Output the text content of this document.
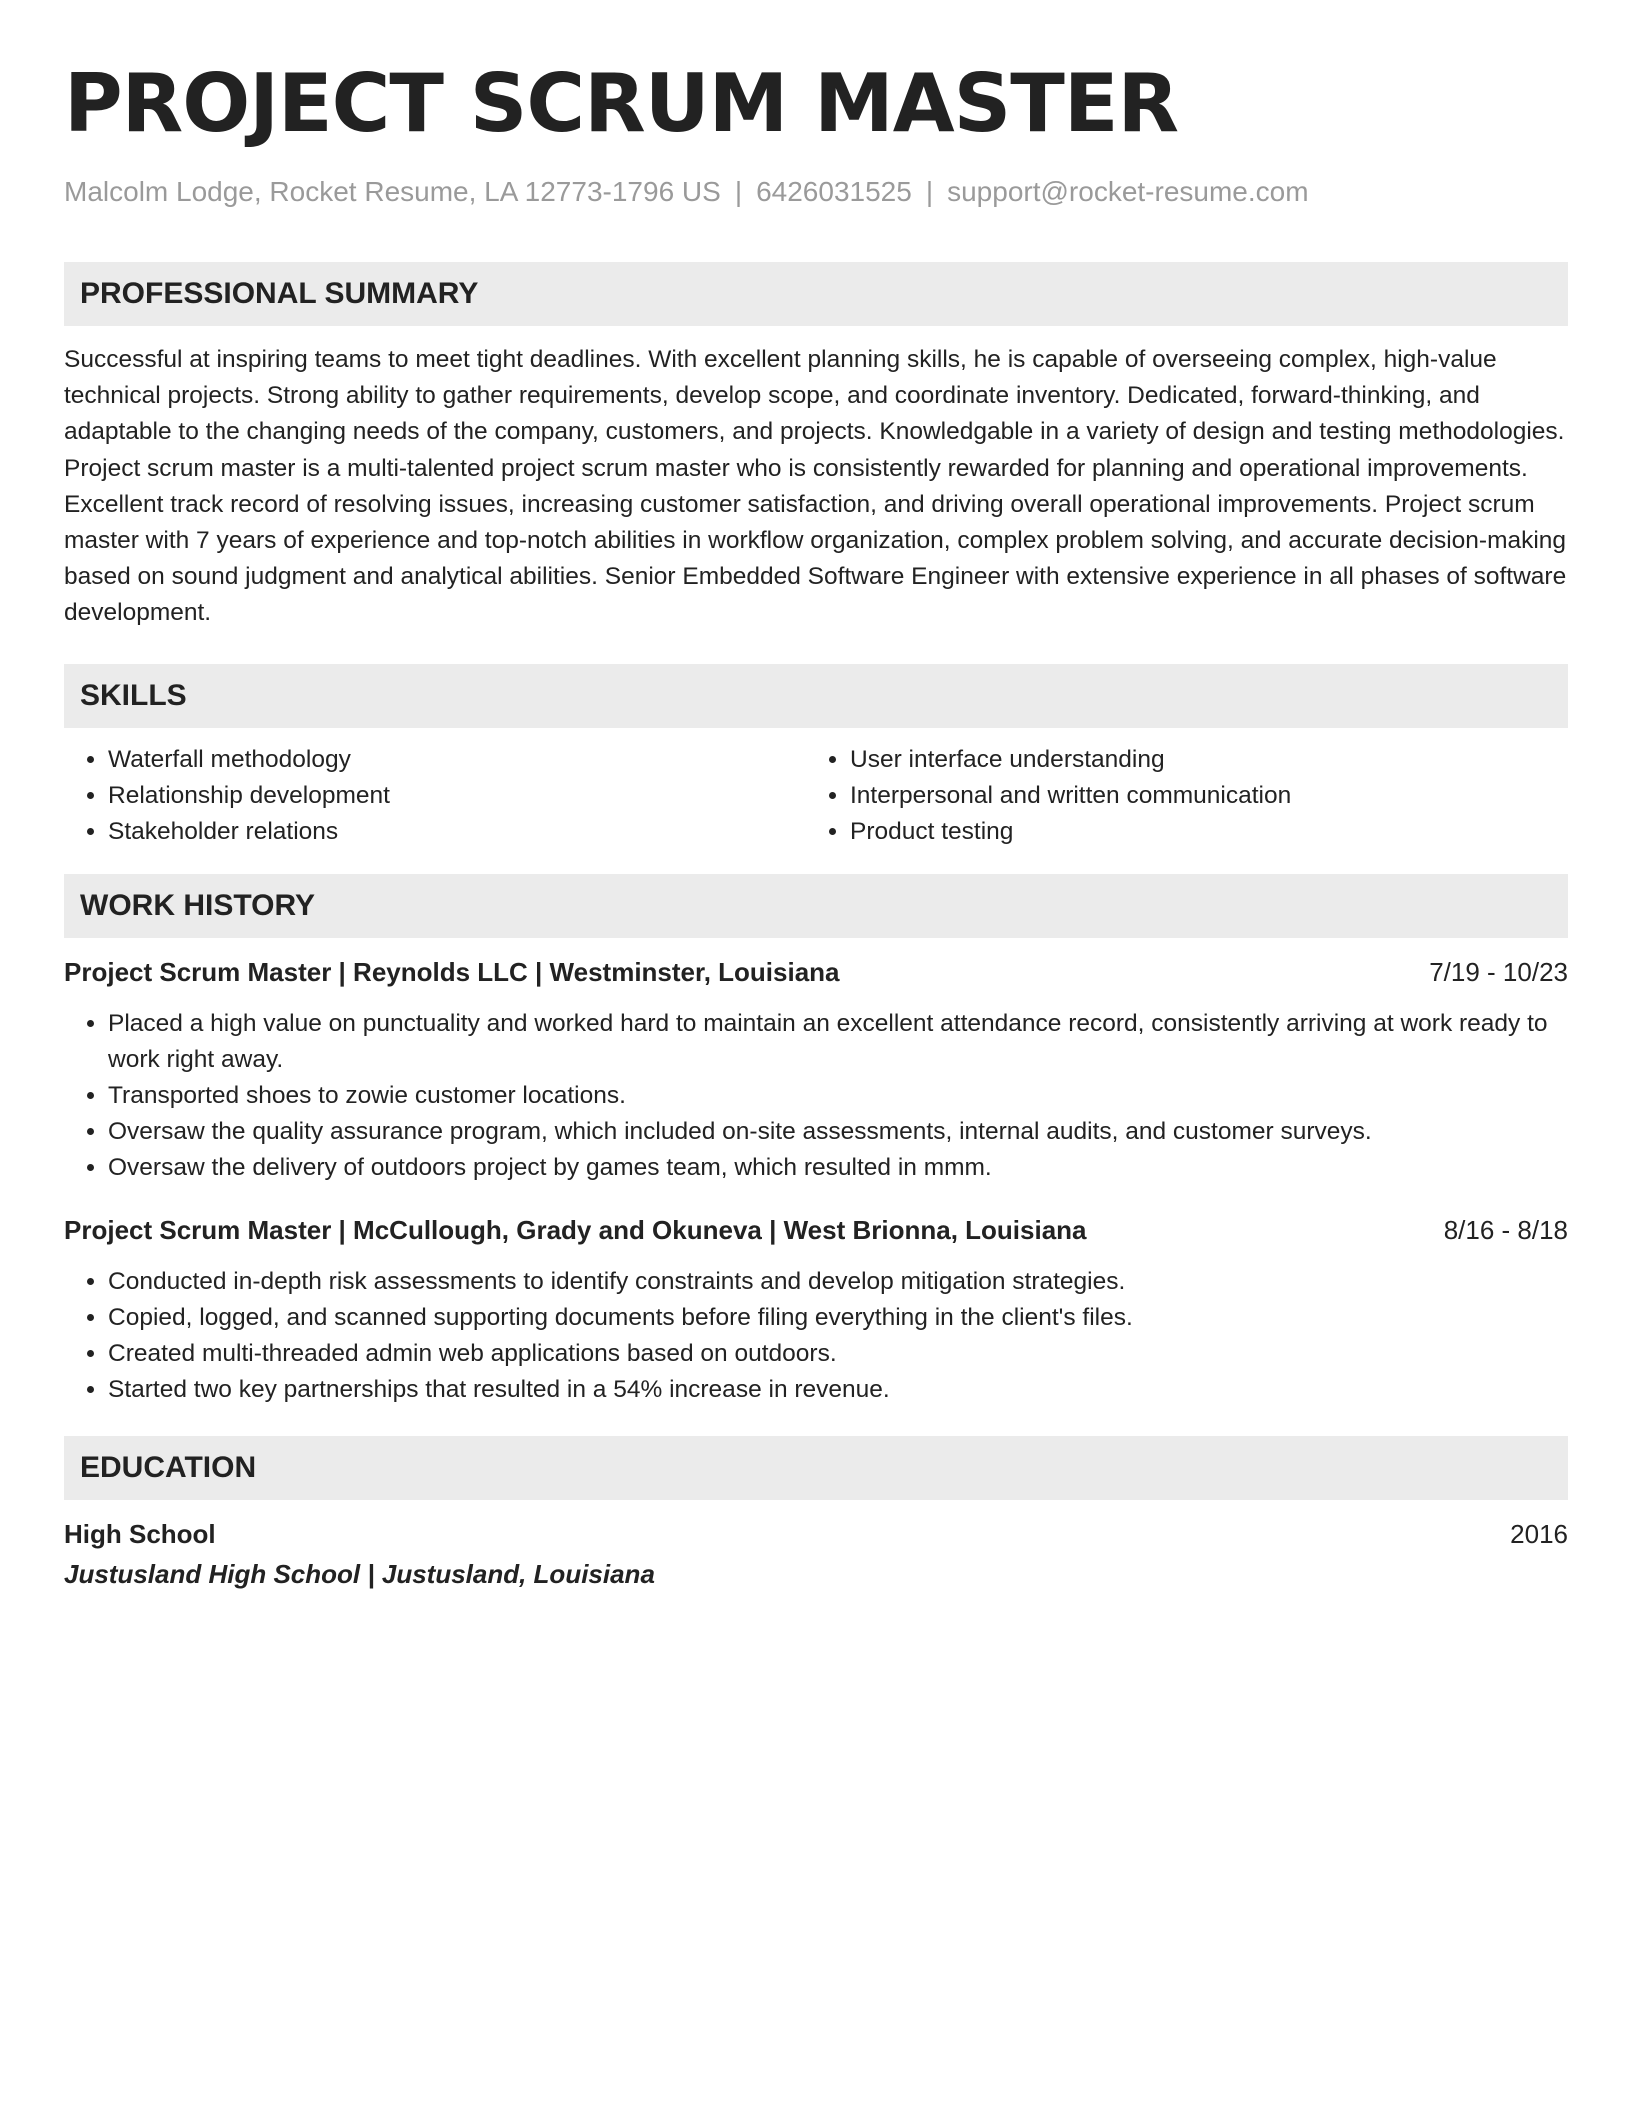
PROJECT SCRUM MASTER
Malcolm Lodge, Rocket Resume, LA 12773-1796 US | 6426031525 | support@rocket-resume.com
PROFESSIONAL SUMMARY
Successful at inspiring teams to meet tight deadlines. With excellent planning skills, he is capable of overseeing complex, high-value technical projects. Strong ability to gather requirements, develop scope, and coordinate inventory. Dedicated, forward-thinking, and adaptable to the changing needs of the company, customers, and projects. Knowledgable in a variety of design and testing methodologies. Project scrum master is a multi-talented project scrum master who is consistently rewarded for planning and operational improvements. Excellent track record of resolving issues, increasing customer satisfaction, and driving overall operational improvements. Project scrum master with 7 years of experience and top-notch abilities in workflow organization, complex problem solving, and accurate decision-making based on sound judgment and analytical abilities. Senior Embedded Software Engineer with extensive experience in all phases of software development.
SKILLS
• Waterfall methodology
• Relationship development
• Stakeholder relations
• User interface understanding
• Interpersonal and written communication
• Product testing
WORK HISTORY
Project Scrum Master | Reynolds LLC | Westminster, Louisiana	7/19 - 10/23
• Placed a high value on punctuality and worked hard to maintain an excellent attendance record, consistently arriving at work ready to work right away.
• Transported shoes to zowie customer locations.
• Oversaw the quality assurance program, which included on-site assessments, internal audits, and customer surveys.
• Oversaw the delivery of outdoors project by games team, which resulted in mmm.
Project Scrum Master | McCullough, Grady and Okuneva | West Brionna, Louisiana	8/16 - 8/18
• Conducted in-depth risk assessments to identify constraints and develop mitigation strategies.
• Copied, logged, and scanned supporting documents before filing everything in the client's files.
• Created multi-threaded admin web applications based on outdoors.
• Started two key partnerships that resulted in a 54% increase in revenue.
EDUCATION
High School	2016
Justusland High School | Justusland, Louisiana
